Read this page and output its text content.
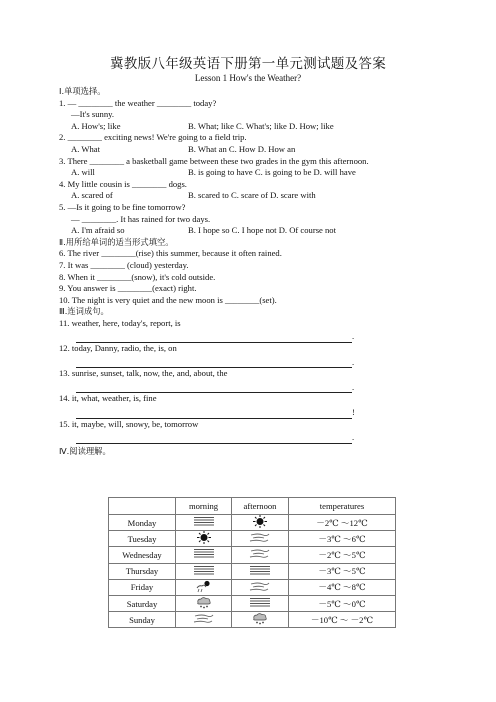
冀教版八年级英语下册第一单元测试题及答案
Lesson 1 How's the Weather?
Ⅰ.单项选择。
1. — ________ the weather ________ today?
—It's sunny.
A. How's; like	B. What; like C. What's; like D. How; like
2. ________ exciting news! We're going to a field trip.
A. What	B. What an C. How D. How an
3. There ________ a basketball game between these two grades in the gym this afternoon.
A. will	B. is going to have C. is going to be D. will have
4. My little cousin is ________ dogs.
A. scared of	B. scared to C. scare of D. scare with
5. —Is it going to be fine tomorrow?
— ________. It has rained for two days.
A. I'm afraid so	B. I hope so C. I hope not D. Of course not
Ⅱ.用所给单词的适当形式填空。
6. The river ________(rise) this summer, because it often rained.
7. It was ________ (cloud) yesterday.
8. When it ________(snow), it's cold outside.
9. You answer is ________(exact) right.
10. The night is very quiet and the new moon is ________(set).
Ⅲ.连词成句。
11. weather, here, today's, report, is
.
12. today, Danny, radio, the, is, on
.
13. sunrise, sunset, talk, now, the, and, about, the
.
14. it, what, weather, is, fine
!
15. it, maybe, will, snowy, be, tomorrow
.
Ⅳ.阅读理解。
	morning	afternoon	temperatures
Monday			－2℃ ～12℃
Tuesday			－3℃ ～6℃
Wednesday			－2℃ ～5℃
Thursday			－3℃ ～5℃
Friday			－4℃ ～8℃
Saturday			－5℃ ～0℃
Sunday			－10℃ ～ －2℃
